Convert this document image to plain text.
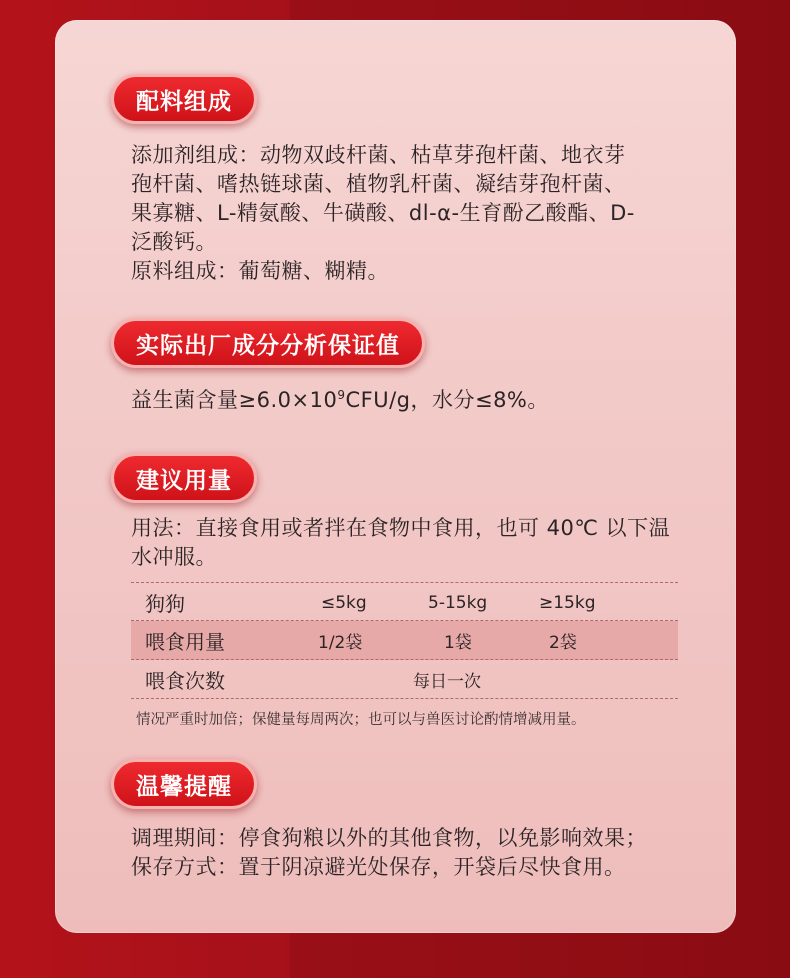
配料组成
添加剂组成：动物双歧杆菌、枯草芽孢杆菌、地衣芽
孢杆菌、嗜热链球菌、植物乳杆菌、凝结芽孢杆菌、
果寡糖、L-精氨酸、牛磺酸、dl-α-生育酚乙酸酯、D-
泛酸钙。
原料组成：葡萄糖、糊精。
实际出厂成分分析保证值
益生菌含量$\ge 6.0\times 10^9CFU/g$，水分≤8%。
建议用量
用法：直接食用或者拌在食物中食用，也可 40℃ 以下温
水冲服。
狗狗	≤5kg	5-15kg	≥15kg
喂食用量	1/2袋	1袋	2袋
喂食次数	每日一次
情况严重时加倍；保健量每周两次；也可以与兽医讨论酌情增减用量。
温馨提醒
调理期间：停食狗粮以外的其他食物，以免影响效果；
保存方式：置于阴凉避光处保存，开袋后尽快食用。
